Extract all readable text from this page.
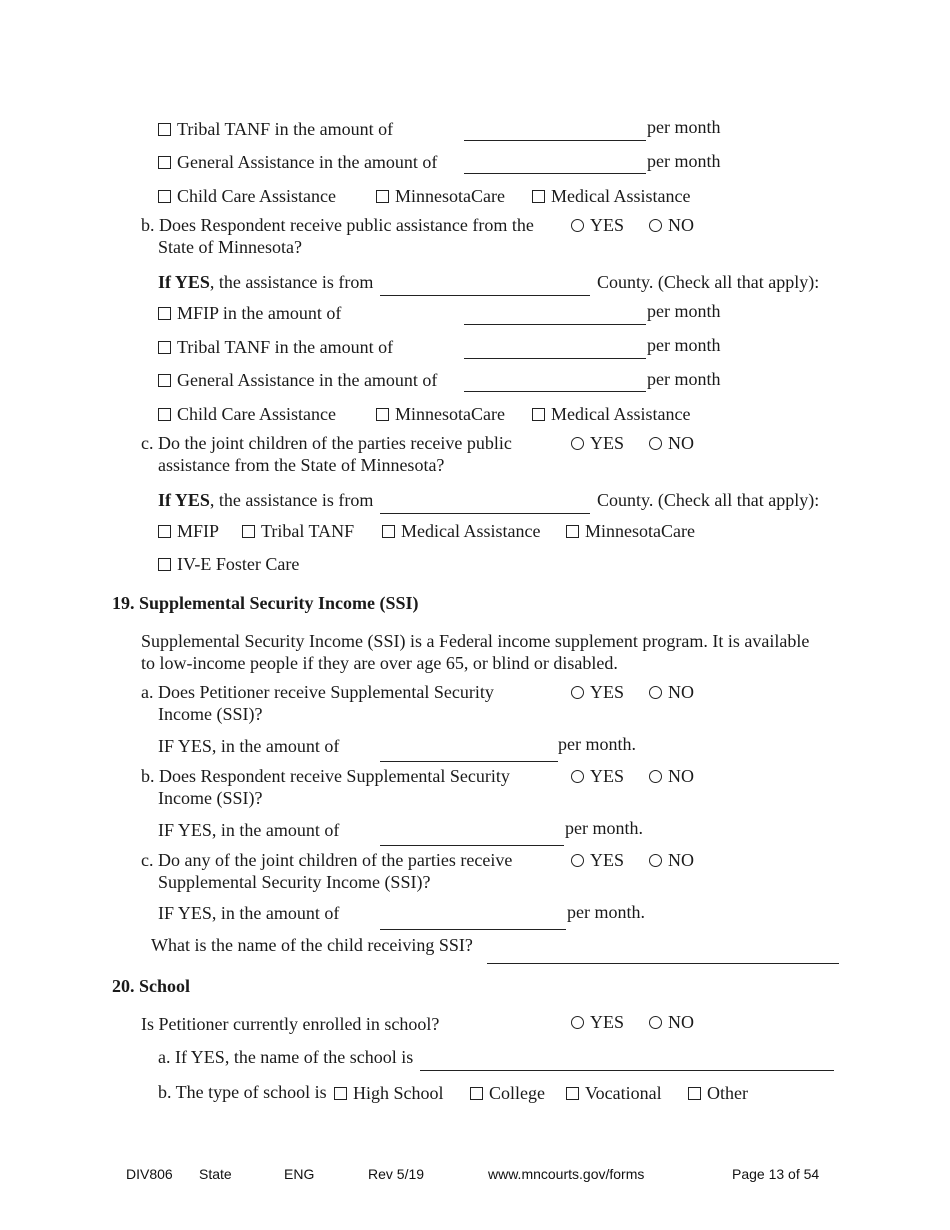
Tribal TANF in the amount of	per month
General Assistance in the amount of	per month
Child Care Assistance	MinnesotaCare	Medical Assistance
b. Does Respondent receive public assistance from the
State of Minnesota?
YES	NO
If YES, the assistance is from	County. (Check all that apply):
MFIP in the amount of	per month
Tribal TANF in the amount of	per month
General Assistance in the amount of	per month
Child Care Assistance	MinnesotaCare	Medical Assistance
c. Do the joint children of the parties receive public
assistance from the State of Minnesota?
YES	NO
If YES, the assistance is from	County. (Check all that apply):
MFIP	Tribal TANF	Medical Assistance	MinnesotaCare
IV-E Foster Care
19. Supplemental Security Income (SSI)
Supplemental Security Income (SSI) is a Federal income supplement program. It is available
to low-income people if they are over age 65, or blind or disabled.
a. Does Petitioner receive Supplemental Security
Income (SSI)?
YES	NO
IF YES, in the amount of	per month.
b. Does Respondent receive Supplemental Security
Income (SSI)?
YES	NO
IF YES, in the amount of	per month.
c. Do any of the joint children of the parties receive
Supplemental Security Income (SSI)?
YES	NO
IF YES, in the amount of	per month.
What is the name of the child receiving SSI?
20. School
Is Petitioner currently enrolled in school?	YES	NO
a. If YES, the name of the school is
b. The type of school is	High School	College	Vocational	Other
DIV806 State	ENG	Rev 5/19	www.mncourts.gov/forms	Page 13 of 54
